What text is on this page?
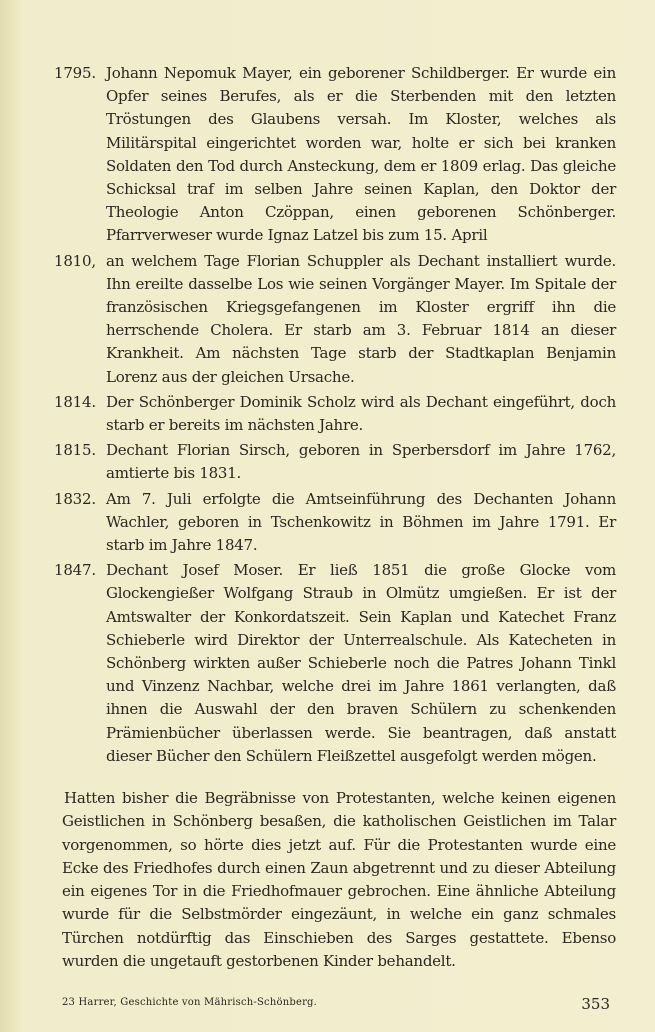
1795. Johann Nepomuk Mayer, ein geborener Schildberger. Er wurde ein Opfer seines Berufes, als er die Sterbenden mit den letzten Tröstungen des Glaubens versah. Im Kloster, welches als Militärspital eingerichtet worden war, holte er sich bei kranken Soldaten den Tod durch Ansteckung, dem er 1809 erlag. Das gleiche Schicksal traf im selben Jahre seinen Kaplan, den Doktor der Theologie Anton Czöppan, einen geborenen Schönberger. Pfarrverweser wurde Ignaz Latzel bis zum 15. April
1810, an welchem Tage Florian Schuppler als Dechant installiert wurde. Ihn ereilte dasselbe Los wie seinen Vorgänger Mayer. Im Spitale der französischen Kriegsgefangenen im Kloster ergriff ihn die herrschende Cholera. Er starb am 3. Februar 1814 an dieser Krankheit. Am nächsten Tage starb der Stadtkaplan Benjamin Lorenz aus der gleichen Ursache.
1814. Der Schönberger Dominik Scholz wird als Dechant eingeführt, doch starb er bereits im nächsten Jahre.
1815. Dechant Florian Sirsch, geboren in Sperbersdorf im Jahre 1762, amtierte bis 1831.
1832. Am 7. Juli erfolgte die Amtseinführung des Dechanten Johann Wachler, geboren in Tschenkowitz in Böhmen im Jahre 1791. Er starb im Jahre 1847.
1847. Dechant Josef Moser. Er ließ 1851 die große Glocke vom Glockengießer Wolfgang Straub in Olmütz umgießen. Er ist der Amtswalter der Konkordatszeit. Sein Kaplan und Katechet Franz Schieberle wird Direktor der Unterrealschule. Als Katecheten in Schönberg wirkten außer Schieberle noch die Patres Johann Tinkl und Vinzenz Nachbar, welche drei im Jahre 1861 verlangten, daß ihnen die Auswahl der den braven Schülern zu schenkenden Prämienbücher überlassen werde. Sie beantragen, daß anstatt dieser Bücher den Schülern Fleißzettel ausgefolgt werden mögen.

Hatten bisher die Begräbnisse von Protestanten, welche keinen eigenen Geistlichen in Schönberg besaßen, die katholischen Geistlichen im Talar vorgenommen, so hörte dies jetzt auf. Für die Protestanten wurde eine Ecke des Friedhofes durch einen Zaun abgetrennt und zu dieser Abteilung ein eigenes Tor in die Friedhofmauer gebrochen. Eine ähnliche Abteilung wurde für die Selbstmörder eingezäunt, in welche ein ganz schmales Türchen notdürftig das Einschieben des Sarges gestattete. Ebenso wurden die ungetauft gestorbenen Kinder behandelt.

23 Harrer, Geschichte von Mährisch-Schönberg.	353
